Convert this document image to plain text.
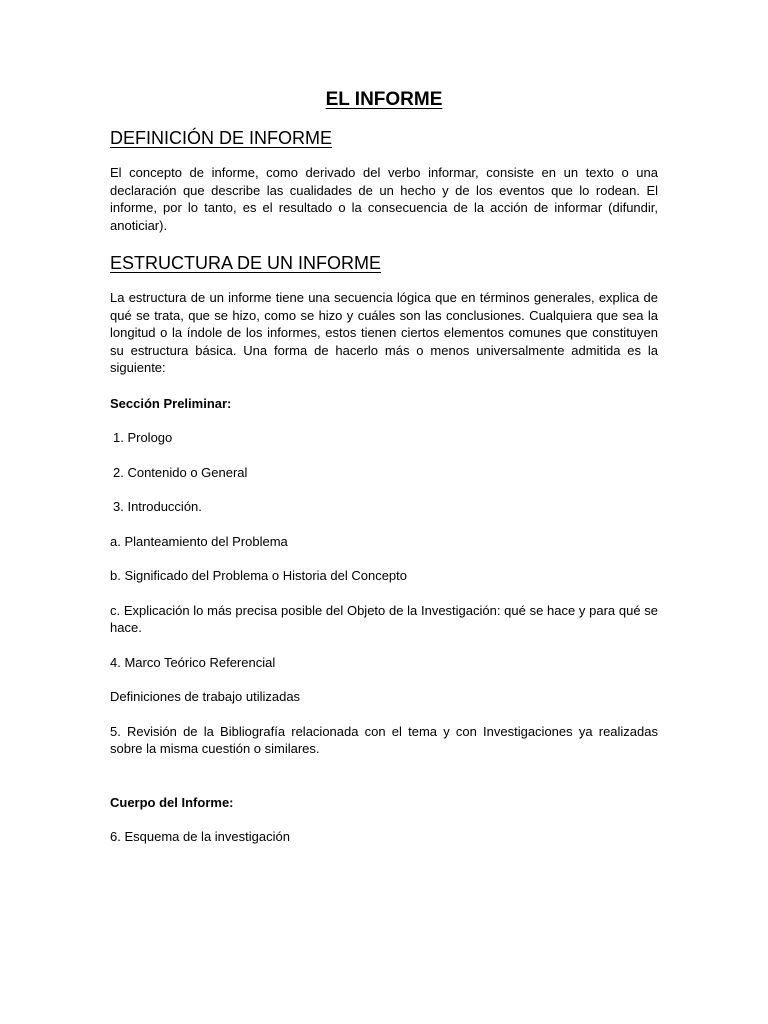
EL INFORME
DEFINICIÓN DE INFORME

El concepto de informe, como derivado del verbo informar, consiste en un texto o una declaración que describe las cualidades de un hecho y de los eventos que lo rodean. El informe, por lo tanto, es el resultado o la consecuencia de la acción de informar (difundir, anoticiar).

ESTRUCTURA DE UN INFORME

La estructura de un informe tiene una secuencia lógica que en términos generales, explica de qué se trata, que se hizo, como se hizo y cuáles son las conclusiones. Cualquiera que sea la longitud o la índole de los informes, estos tienen ciertos elementos comunes que constituyen su estructura básica. Una forma de hacerlo más o menos universalmente admitida es la siguiente:

Sección Preliminar:
1. Prologo
2. Contenido o General
3. Introducción.
a. Planteamiento del Problema
b. Significado del Problema o Historia del Concepto
c. Explicación lo más precisa posible del Objeto de la Investigación: qué se hace y para qué se hace.
4. Marco Teórico Referencial
Definiciones de trabajo utilizadas
5. Revisión de la Bibliografía relacionada con el tema y con Investigaciones ya realizadas sobre la misma cuestión o similares.
Cuerpo del Informe:
6. Esquema de la investigación
